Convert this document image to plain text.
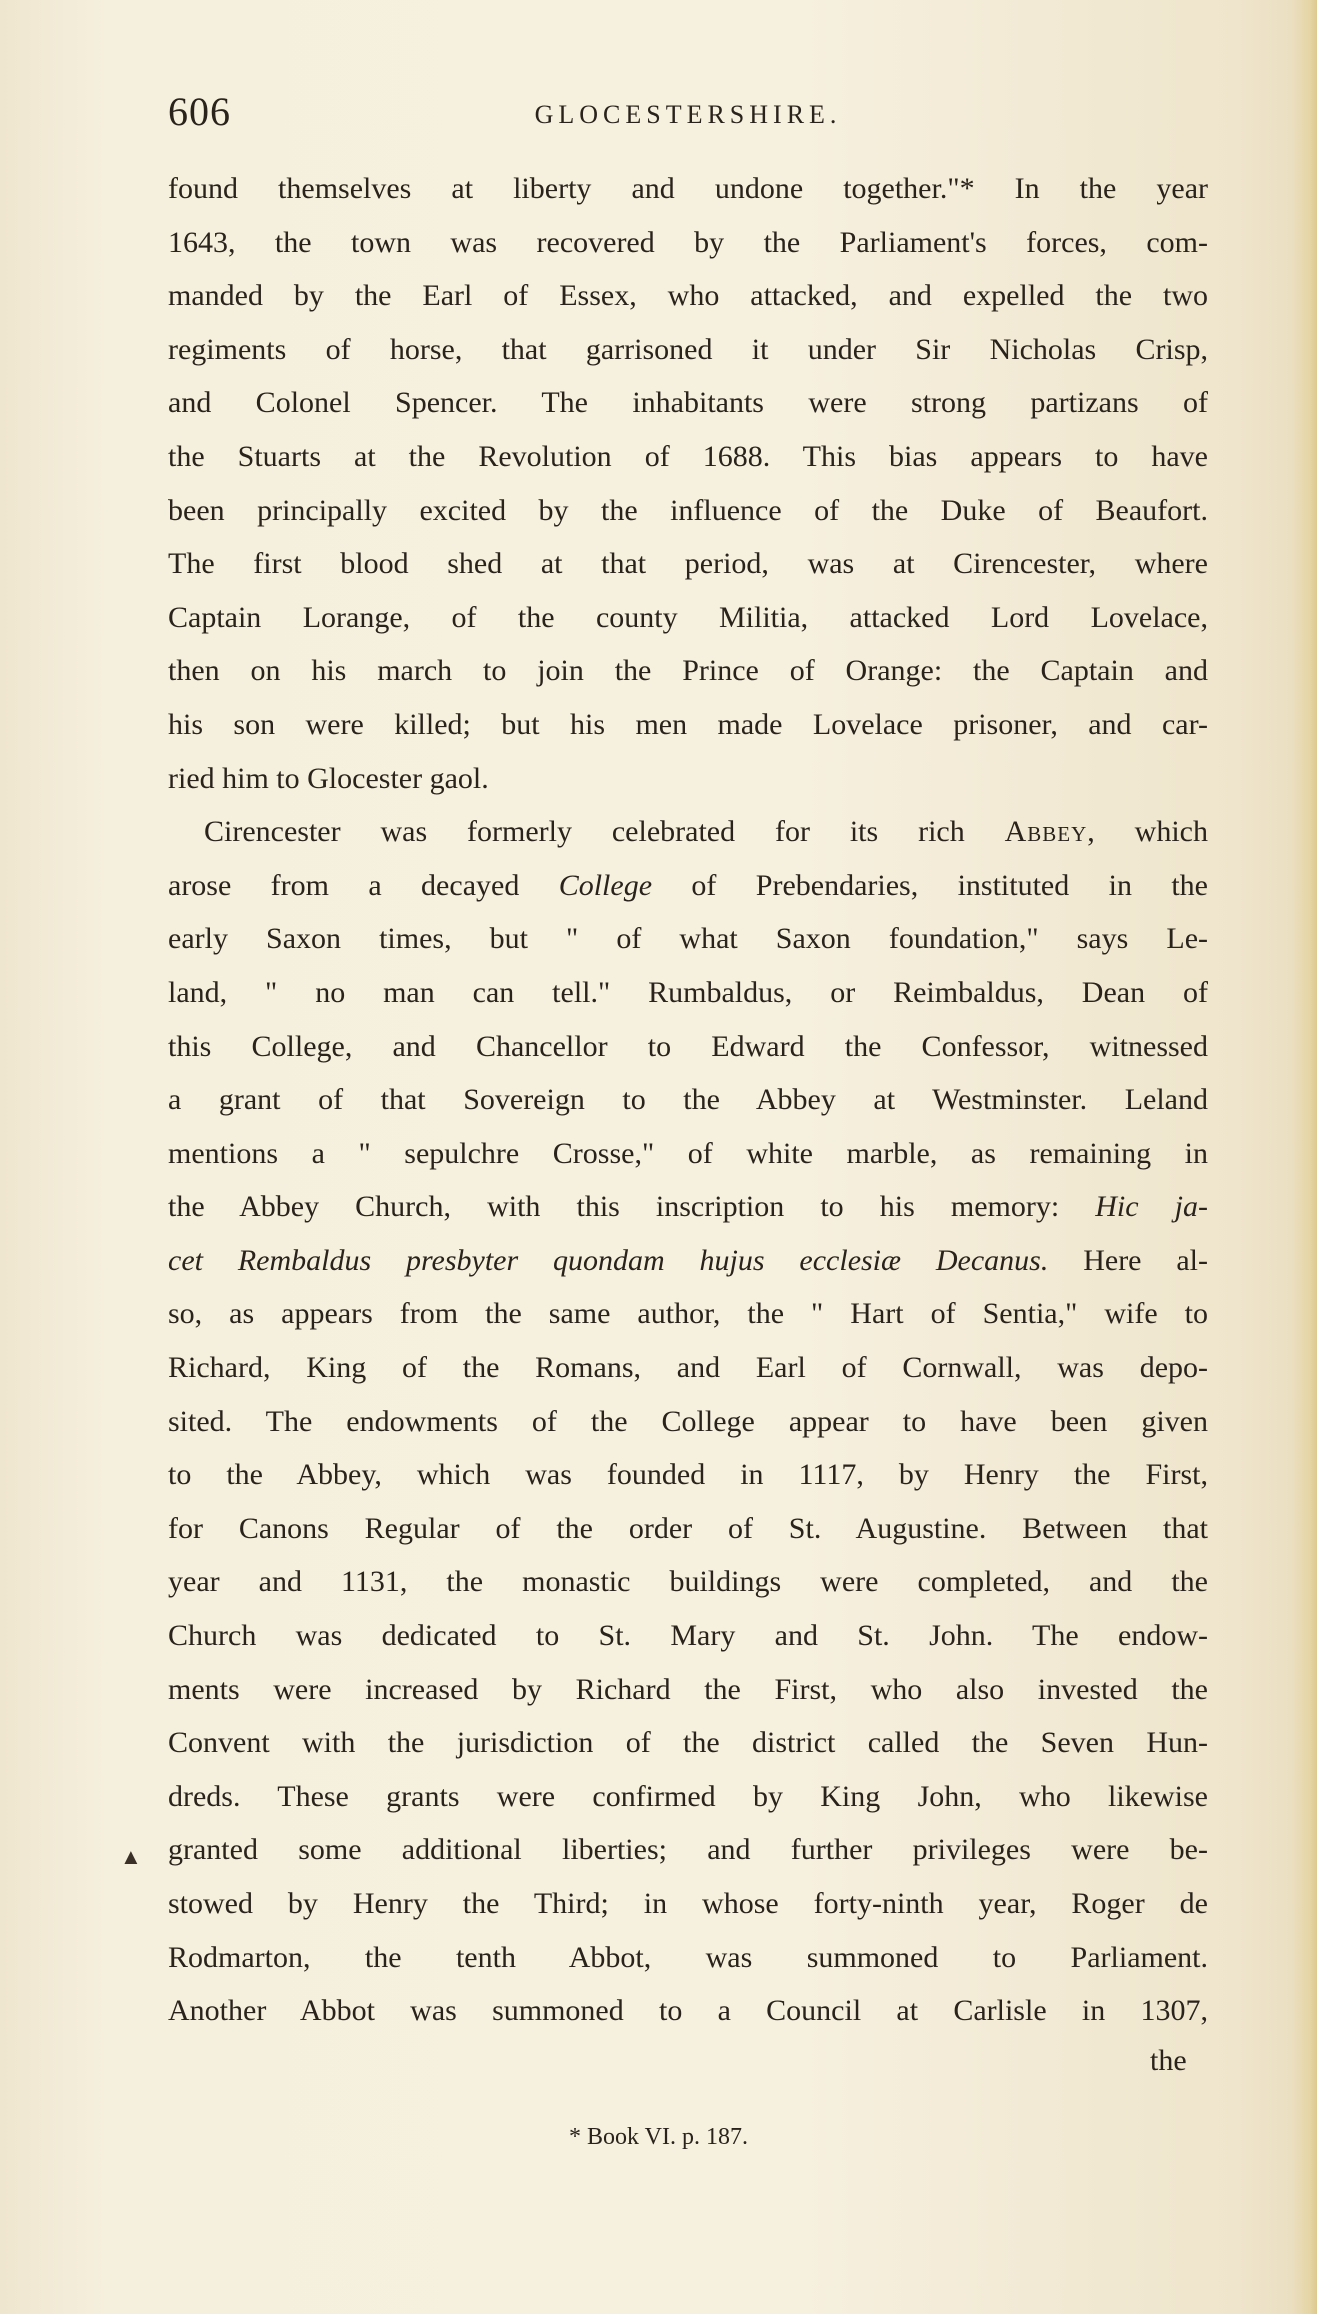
606	GLOCESTERSHIRE.
found themselves at liberty and undone together."* In the year
1643, the town was recovered by the Parliament's forces, com-
manded by the Earl of Essex, who attacked, and expelled the two
regiments of horse, that garrisoned it under Sir Nicholas Crisp,
and Colonel Spencer. The inhabitants were strong partizans of
the Stuarts at the Revolution of 1688. This bias appears to have
been principally excited by the influence of the Duke of Beaufort.
The first blood shed at that period, was at Cirencester, where
Captain Lorange, of the county Militia, attacked Lord Lovelace,
then on his march to join the Prince of Orange: the Captain and
his son were killed; but his men made Lovelace prisoner, and car-
ried him to Glocester gaol.
Cirencester was formerly celebrated for its rich Abbey, which
arose from a decayed College of Prebendaries, instituted in the
early Saxon times, but " of what Saxon foundation," says Le-
land, " no man can tell." Rumbaldus, or Reimbaldus, Dean of
this College, and Chancellor to Edward the Confessor, witnessed
a grant of that Sovereign to the Abbey at Westminster. Leland
mentions a " sepulchre Crosse," of white marble, as remaining in
the Abbey Church, with this inscription to his memory: Hic ja-
cet Rembaldus presbyter quondam hujus ecclesiæ Decanus. Here al-
so, as appears from the same author, the " Hart of Sentia," wife to
Richard, King of the Romans, and Earl of Cornwall, was depo-
sited. The endowments of the College appear to have been given
to the Abbey, which was founded in 1117, by Henry the First,
for Canons Regular of the order of St. Augustine. Between that
year and 1131, the monastic buildings were completed, and the
Church was dedicated to St. Mary and St. John. The endow-
ments were increased by Richard the First, who also invested the
Convent with the jurisdiction of the district called the Seven Hun-
dreds. These grants were confirmed by King John, who likewise
granted some additional liberties; and further privileges were be-
stowed by Henry the Third; in whose forty-ninth year, Roger de
Rodmarton, the tenth Abbot, was summoned to Parliament.
Another Abbot was summoned to a Council at Carlisle in 1307,
▲
the
* Book VI. p. 187.
